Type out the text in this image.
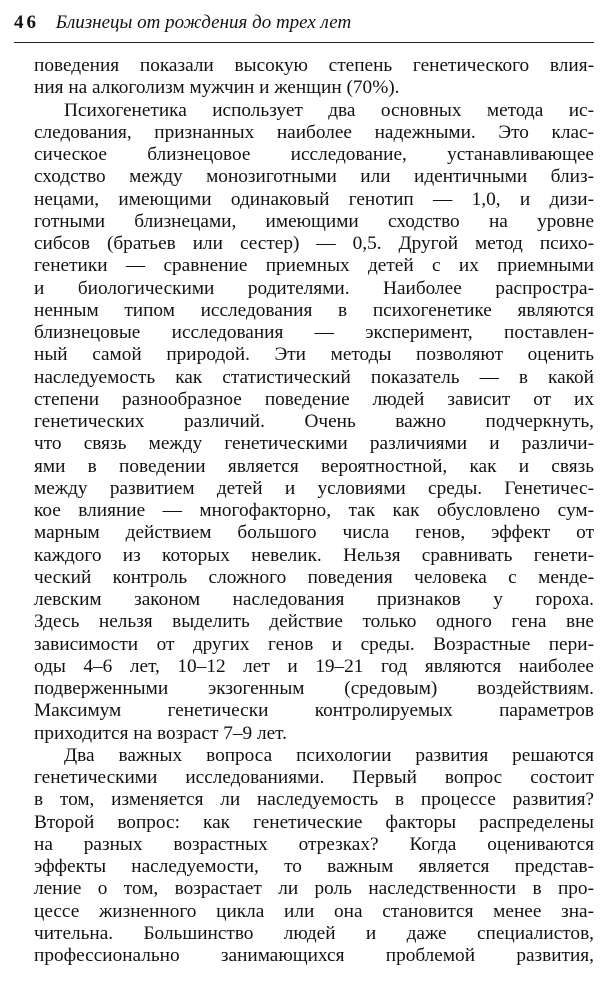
46 Близнецы от рождения до трех лет
поведения показали высокую степень генетического влия-
ния на алкоголизм мужчин и женщин (70%).
Психогенетика использует два основных метода ис-
следования, признанных наиболее надежными. Это клас-
сическое близнецовое исследование, устанавливающее
сходство между монозиготными или идентичными близ-
нецами, имеющими одинаковый генотип — 1,0, и дизи-
готными близнецами, имеющими сходство на уровне
сибсов (братьев или сестер) — 0,5. Другой метод психо-
генетики — сравнение приемных детей с их приемными
и биологическими родителями. Наиболее распростра-
ненным типом исследования в психогенетике являются
близнецовые исследования — эксперимент, поставлен-
ный самой природой. Эти методы позволяют оценить
наследуемость как статистический показатель — в какой
степени разнообразное поведение людей зависит от их
генетических различий. Очень важно подчеркнуть,
что связь между генетическими различиями и различи-
ями в поведении является вероятностной, как и связь
между развитием детей и условиями среды. Генетичес-
кое влияние — многофакторно, так как обусловлено сум-
марным действием большого числа генов, эффект от
каждого из которых невелик. Нельзя сравнивать генети-
ческий контроль сложного поведения человека с менде-
левским законом наследования признаков у гороха.
Здесь нельзя выделить действие только одного гена вне
зависимости от других генов и среды. Возрастные пери-
оды 4–6 лет, 10–12 лет и 19–21 год являются наиболее
подверженными экзогенным (средовым) воздействиям.
Максимум генетически контролируемых параметров
приходится на возраст 7–9 лет.
Два важных вопроса психологии развития решаются
генетическими исследованиями. Первый вопрос состоит
в том, изменяется ли наследуемость в процессе развития?
Второй вопрос: как генетические факторы распределены
на разных возрастных отрезках? Когда оцениваются
эффекты наследуемости, то важным является представ-
ление о том, возрастает ли роль наследственности в про-
цессе жизненного цикла или она становится менее зна-
чительна. Большинство людей и даже специалистов,
профессионально занимающихся проблемой развития,
